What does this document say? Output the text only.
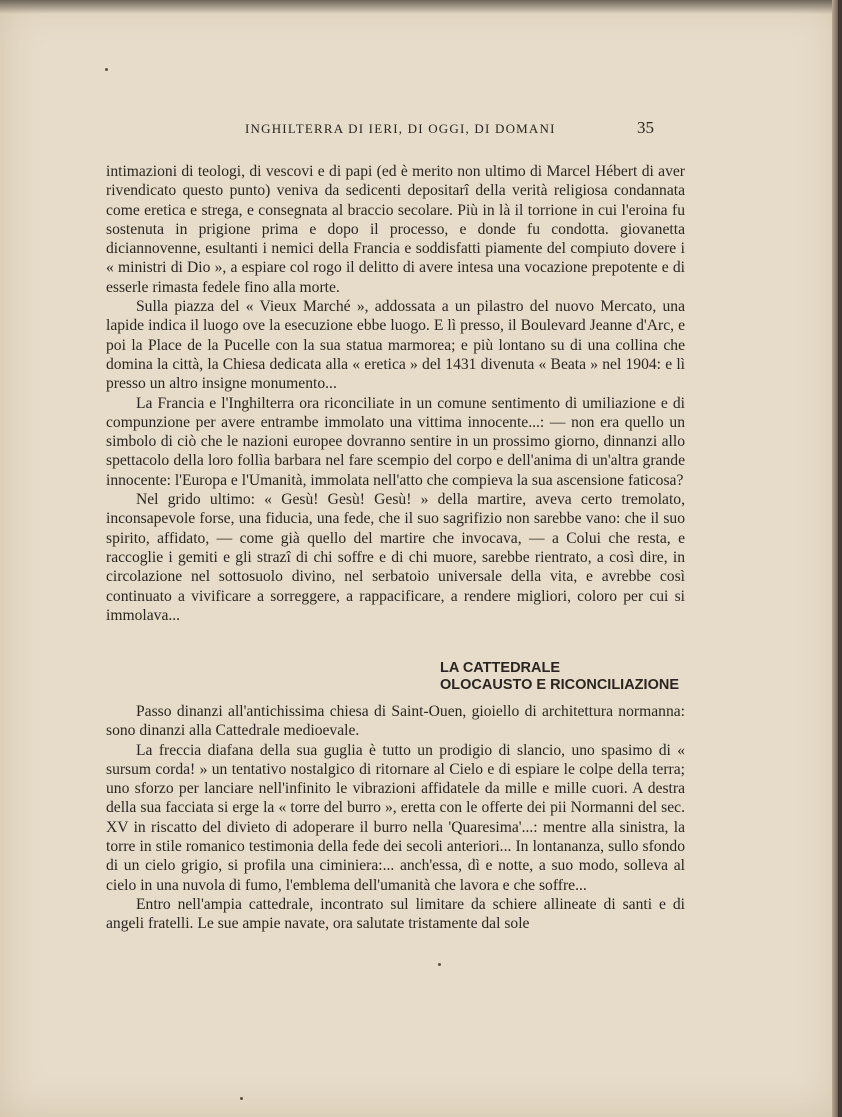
INGHILTERRA DI IERI, DI OGGI, DI DOMANI	35

intimazioni di teologi, di vescovi e di papi (ed è merito non ultimo di Marcel Hébert di aver rivendicato questo punto) veniva da sedicenti depositarî della verità religiosa condannata come eretica e strega, e consegnata al braccio secolare. Più in là il torrione in cui l'eroina fu sostenuta in prigione prima e dopo il processo, e donde fu condotta. giovanetta diciannovenne, esultanti i nemici della Francia e soddisfatti piamente del compiuto dovere i « ministri di Dio », a espiare col rogo il delitto di avere intesa una vocazione prepotente e di esserle rimasta fedele fino alla morte.

Sulla piazza del « Vieux Marché », addossata a un pilastro del nuovo Mercato, una lapide indica il luogo ove la esecuzione ebbe luogo. E lì presso, il Boulevard Jeanne d'Arc, e poi la Place de la Pucelle con la sua statua marmorea; e più lontano su di una collina che domina la città, la Chiesa dedicata alla « eretica » del 1431 divenuta « Beata » nel 1904: e lì presso un altro insigne monumento...

La Francia e l'Inghilterra ora riconciliate in un comune sentimento di umiliazione e di compunzione per avere entrambe immolato una vittima innocente...: — non era quello un simbolo di ciò che le nazioni europee dovranno sentire in un prossimo giorno, dinnanzi allo spettacolo della loro follìa barbara nel fare scempio del corpo e dell'anima di un'altra grande innocente: l'Europa e l'Umanità, immolata nell'atto che compieva la sua ascensione faticosa?

Nel grido ultimo: « Gesù! Gesù! Gesù! » della martire, aveva certo tremolato, inconsapevole forse, una fiducia, una fede, che il suo sagrifizio non sarebbe vano: che il suo spirito, affidato, — come già quello del martire che invocava, — a Colui che resta, e raccoglie i gemiti e gli strazî di chi soffre e di chi muore, sarebbe rientrato, a così dire, in circolazione nel sottosuolo divino, nel serbatoio universale della vita, e avrebbe così continuato a vivificare a sorreggere, a rappacificare, a rendere migliori, coloro per cui si immolava...

LA CATTEDRALE
OLOCAUSTO E RICONCILIAZIONE

Passo dinanzi all'antichissima chiesa di Saint-Ouen, gioiello di architettura normanna: sono dinanzi alla Cattedrale medioevale.

La freccia diafana della sua guglia è tutto un prodigio di slancio, uno spasimo di « sursum corda! » un tentativo nostalgico di ritornare al Cielo e di espiare le colpe della terra; uno sforzo per lanciare nell'infinito le vibrazioni affidatele da mille e mille cuori. A destra della sua facciata si erge la « torre del burro », eretta con le offerte dei pii Normanni del sec. XV in riscatto del divieto di adoperare il burro nella 'Quaresima'...: mentre alla sinistra, la torre in stile romanico testimonia della fede dei secoli anteriori... In lontananza, sullo sfondo di un cielo grigio, si profila una ciminiera:... anch'essa, dì e notte, a suo modo, solleva al cielo in una nuvola di fumo, l'emblema dell'umanità che lavora e che soffre...

Entro nell'ampia cattedrale, incontrato sul limitare da schiere allineate di santi e di angeli fratelli. Le sue ampie navate, ora salutate tristamente dal sole
